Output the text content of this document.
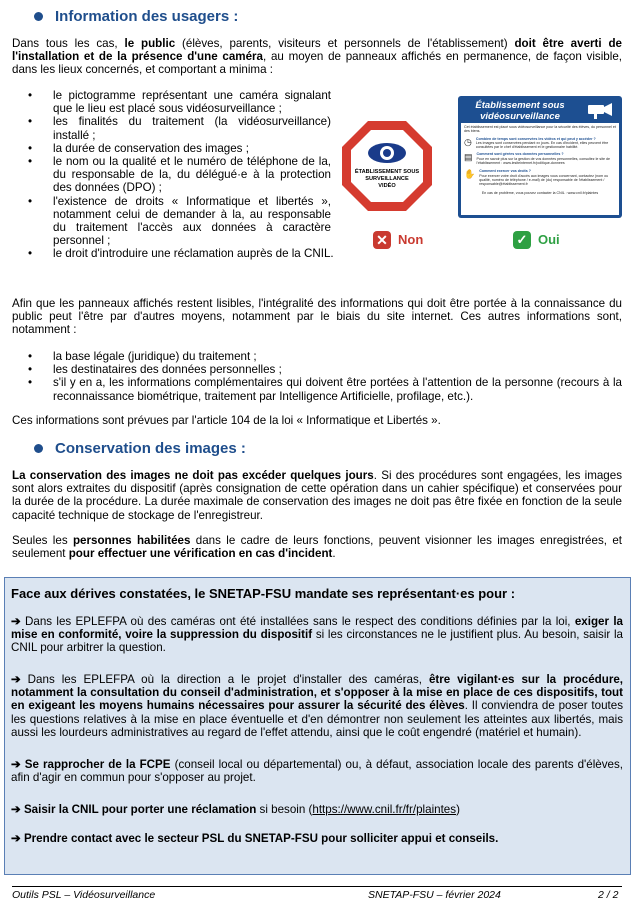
Information des usagers :

Dans tous les cas, le public (élèves, parents, visiteurs et personnels de l'établissement) doit être averti de l'installation et de la présence d'une caméra, au moyen de panneaux affichés en permanence, de façon visible, dans les lieux concernés, et comportant a minima :

• le pictogramme représentant une caméra signalant que le lieu est placé sous vidéosurveillance ;
• les finalités du traitement (la vidéosurveillance) installé ;
• la durée de conservation des images ;
• le nom ou la qualité et le numéro de téléphone de la, du responsable de la, du délégué·e à la protection des données (DPO) ;
• l'existence de droits « Informatique et libertés », notamment celui de demander à la, au responsable du traitement l'accès aux données à caractère personnel ;
• le droit d'introduire une réclamation auprès de la CNIL.
ÉTABLISSEMENT SOUS
SURVEILLANCE
VIDÉO
✕ Non
Établissement sous
vidéosurveillance
Cet établissement est placé sous vidéosurveillance pour la sécurité des élèves, du personnel et des biens.
◷ Combien de temps sont conservées les vidéos et qui peut y accéder ?
Les images sont conservées pendant xx jours. En cas d'incident, elles peuvent être consultées par le chef d'établissement et le gestionnaire habilité.
▤ Comment sont gérées vos données personnelles ?
Pour en savoir plus sur la gestion de vos données personnelles, consultez le site de l'établissement : www.lesiteinternet.fr/politique-donnees
✋ Comment exercer vos droits ?
Pour exercer votre droit d'accès aux images vous concernant, contactez (nom ou qualité, numéro de téléphone / e-mail) de (du) responsable de l'établissement / responsable@établissement.fr
En cas de problème, vous pouvez contacter la CNIL : www.cnil.fr/plaintes
✓ Oui

Afin que les panneaux affichés restent lisibles, l'intégralité des informations qui doit être portée à la connaissance du public peut l'être par d'autres moyens, notamment par le biais du site internet. Ces autres informations sont, notamment :

• la base légale (juridique) du traitement ;
• les destinataires des données personnelles ;
• s'il y en a, les informations complémentaires qui doivent être portées à l'attention de la personne (recours à la reconnaissance biométrique, traitement par Intelligence Artificielle, profilage, etc.).

Ces informations sont prévues par l'article 104 de la loi « Informatique et Libertés ».

Conservation des images :

La conservation des images ne doit pas excéder quelques jours. Si des procédures sont engagées, les images sont alors extraites du dispositif (après consignation de cette opération dans un cahier spécifique) et conservées pour la durée de la procédure. La durée maximale de conservation des images ne doit pas être fixée en fonction de la seule capacité technique de stockage de l'enregistreur.

Seules les personnes habilitées dans le cadre de leurs fonctions, peuvent visionner les images enregistrées, et seulement pour effectuer une vérification en cas d'incident.

Face aux dérives constatées, le SNETAP-FSU mandate ses représentant·es pour :

➔ Dans les EPLEFPA où des caméras ont été installées sans le respect des conditions définies par la loi, exiger la mise en conformité, voire la suppression du dispositif si les circonstances ne le justifient plus. Au besoin, saisir la CNIL pour arbitrer la question.

➔ Dans les EPLEFPA où la direction a le projet d'installer des caméras, être vigilant·es sur la procédure, notamment la consultation du conseil d'administration, et s'opposer à la mise en place de ces dispositifs, tout en exigeant les moyens humains nécessaires pour assurer la sécurité des élèves. Il conviendra de poser toutes les questions relatives à la mise en place éventuelle et d'en démontrer non seulement les atteintes aux libertés, mais aussi les lourdeurs administratives au regard de l'effet attendu, ainsi que le coût engendré (matériel et humain).

➔ Se rapprocher de la FCPE (conseil local ou départemental) ou, à défaut, association locale des parents d'élèves, afin d'agir en commun pour s'opposer au projet.

➔ Saisir la CNIL pour porter une réclamation si besoin (https://www.cnil.fr/fr/plaintes)

➔ Prendre contact avec le secteur PSL du SNETAP-FSU pour solliciter appui et conseils.

Outils PSL – Vidéosurveillance	SNETAP-FSU – février 2024	2 / 2
